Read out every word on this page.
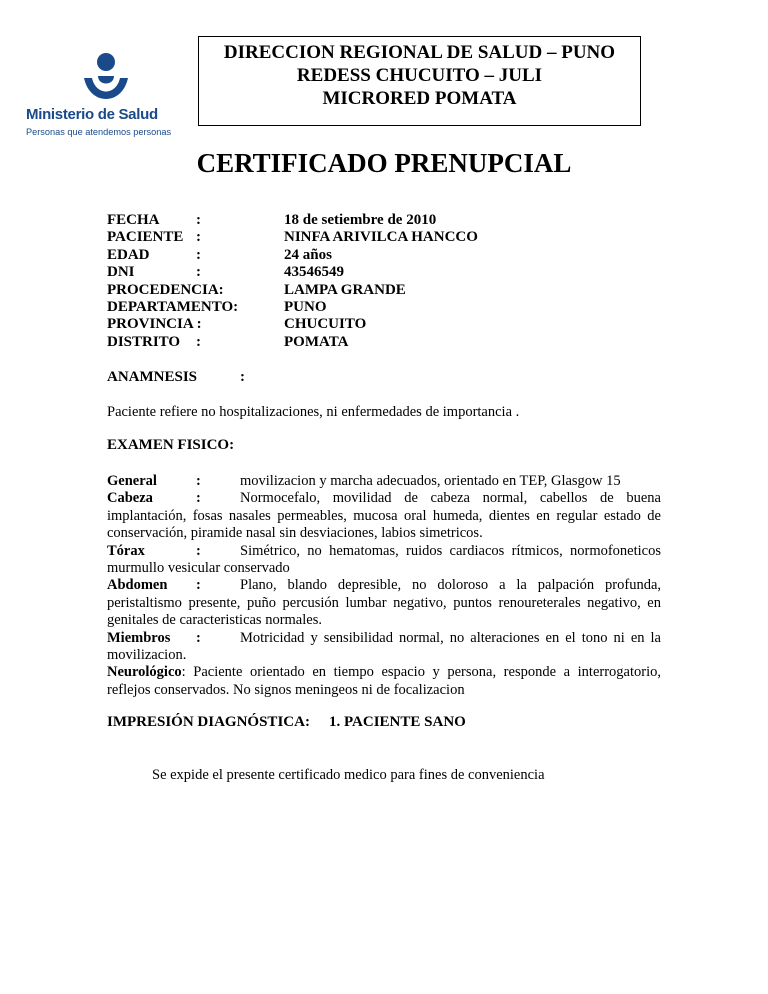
Ministerio de Salud
Personas que atendemos personas
DIRECCION REGIONAL DE SALUD – PUNO
REDESS CHUCUITO – JULI
MICRORED POMATA
CERTIFICADO PRENUPCIAL
FECHA :	18 de setiembre de 2010
PACIENTE :	NINFA ARIVILCA HANCCO
EDAD	:	24 años
DNI	:	43546549
PROCEDENCIA:	LAMPA GRANDE
DEPARTAMENTO:	PUNO
PROVINCIA :	CHUCUITO
DISTRITO :	POMATA
ANAMNESIS	:
Paciente refiere no hospitalizaciones, ni enfermedades de importancia .
EXAMEN FISICO:
General	:	movilizacion y marcha adecuados, orientado en TEP, Glasgow 15
Cabeza	:	Normocefalo, movilidad de cabeza normal, cabellos de buena implantación, fosas nasales permeables, mucosa oral humeda, dientes en regular estado de conservación, piramide nasal sin desviaciones, labios simetricos.
Tórax	:	Simétrico, no hematomas, ruidos cardiacos rítmicos, normofoneticos murmullo vesicular conservado
Abdomen :	Plano, blando depresible, no doloroso a la palpación profunda, peristaltismo presente, puño percusión lumbar negativo, puntos renoureterales negativo, en genitales de caracteristicas normales.
Miembros :	Motricidad y sensibilidad normal, no alteraciones en el tono ni en la movilizacion.
Neurológico: Paciente orientado en tiempo espacio y persona, responde a interrogatorio, reflejos conservados. No signos meningeos ni de focalizacion
IMPRESIÓN DIAGNÓSTICA: 1. PACIENTE SANO
Se expide el presente certificado medico para fines de conveniencia
